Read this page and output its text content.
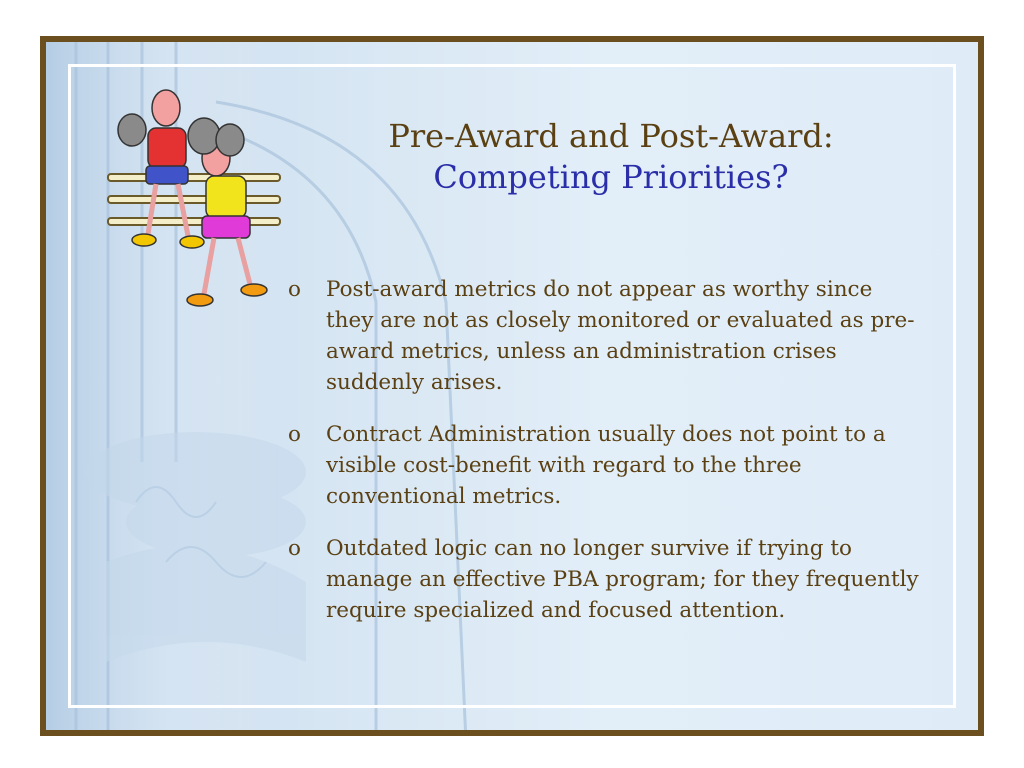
Pre-Award and Post-Award:
Competing Priorities?
o Post-award metrics do not appear as worthy since they are not as closely monitored or evaluated as pre-award metrics, unless an administration crises suddenly arises.
o Contract Administration usually does not point to a visible cost-benefit with regard to the three conventional metrics.
o Outdated logic can no longer survive if trying to manage an effective PBA program; for they frequently require specialized and focused attention.
